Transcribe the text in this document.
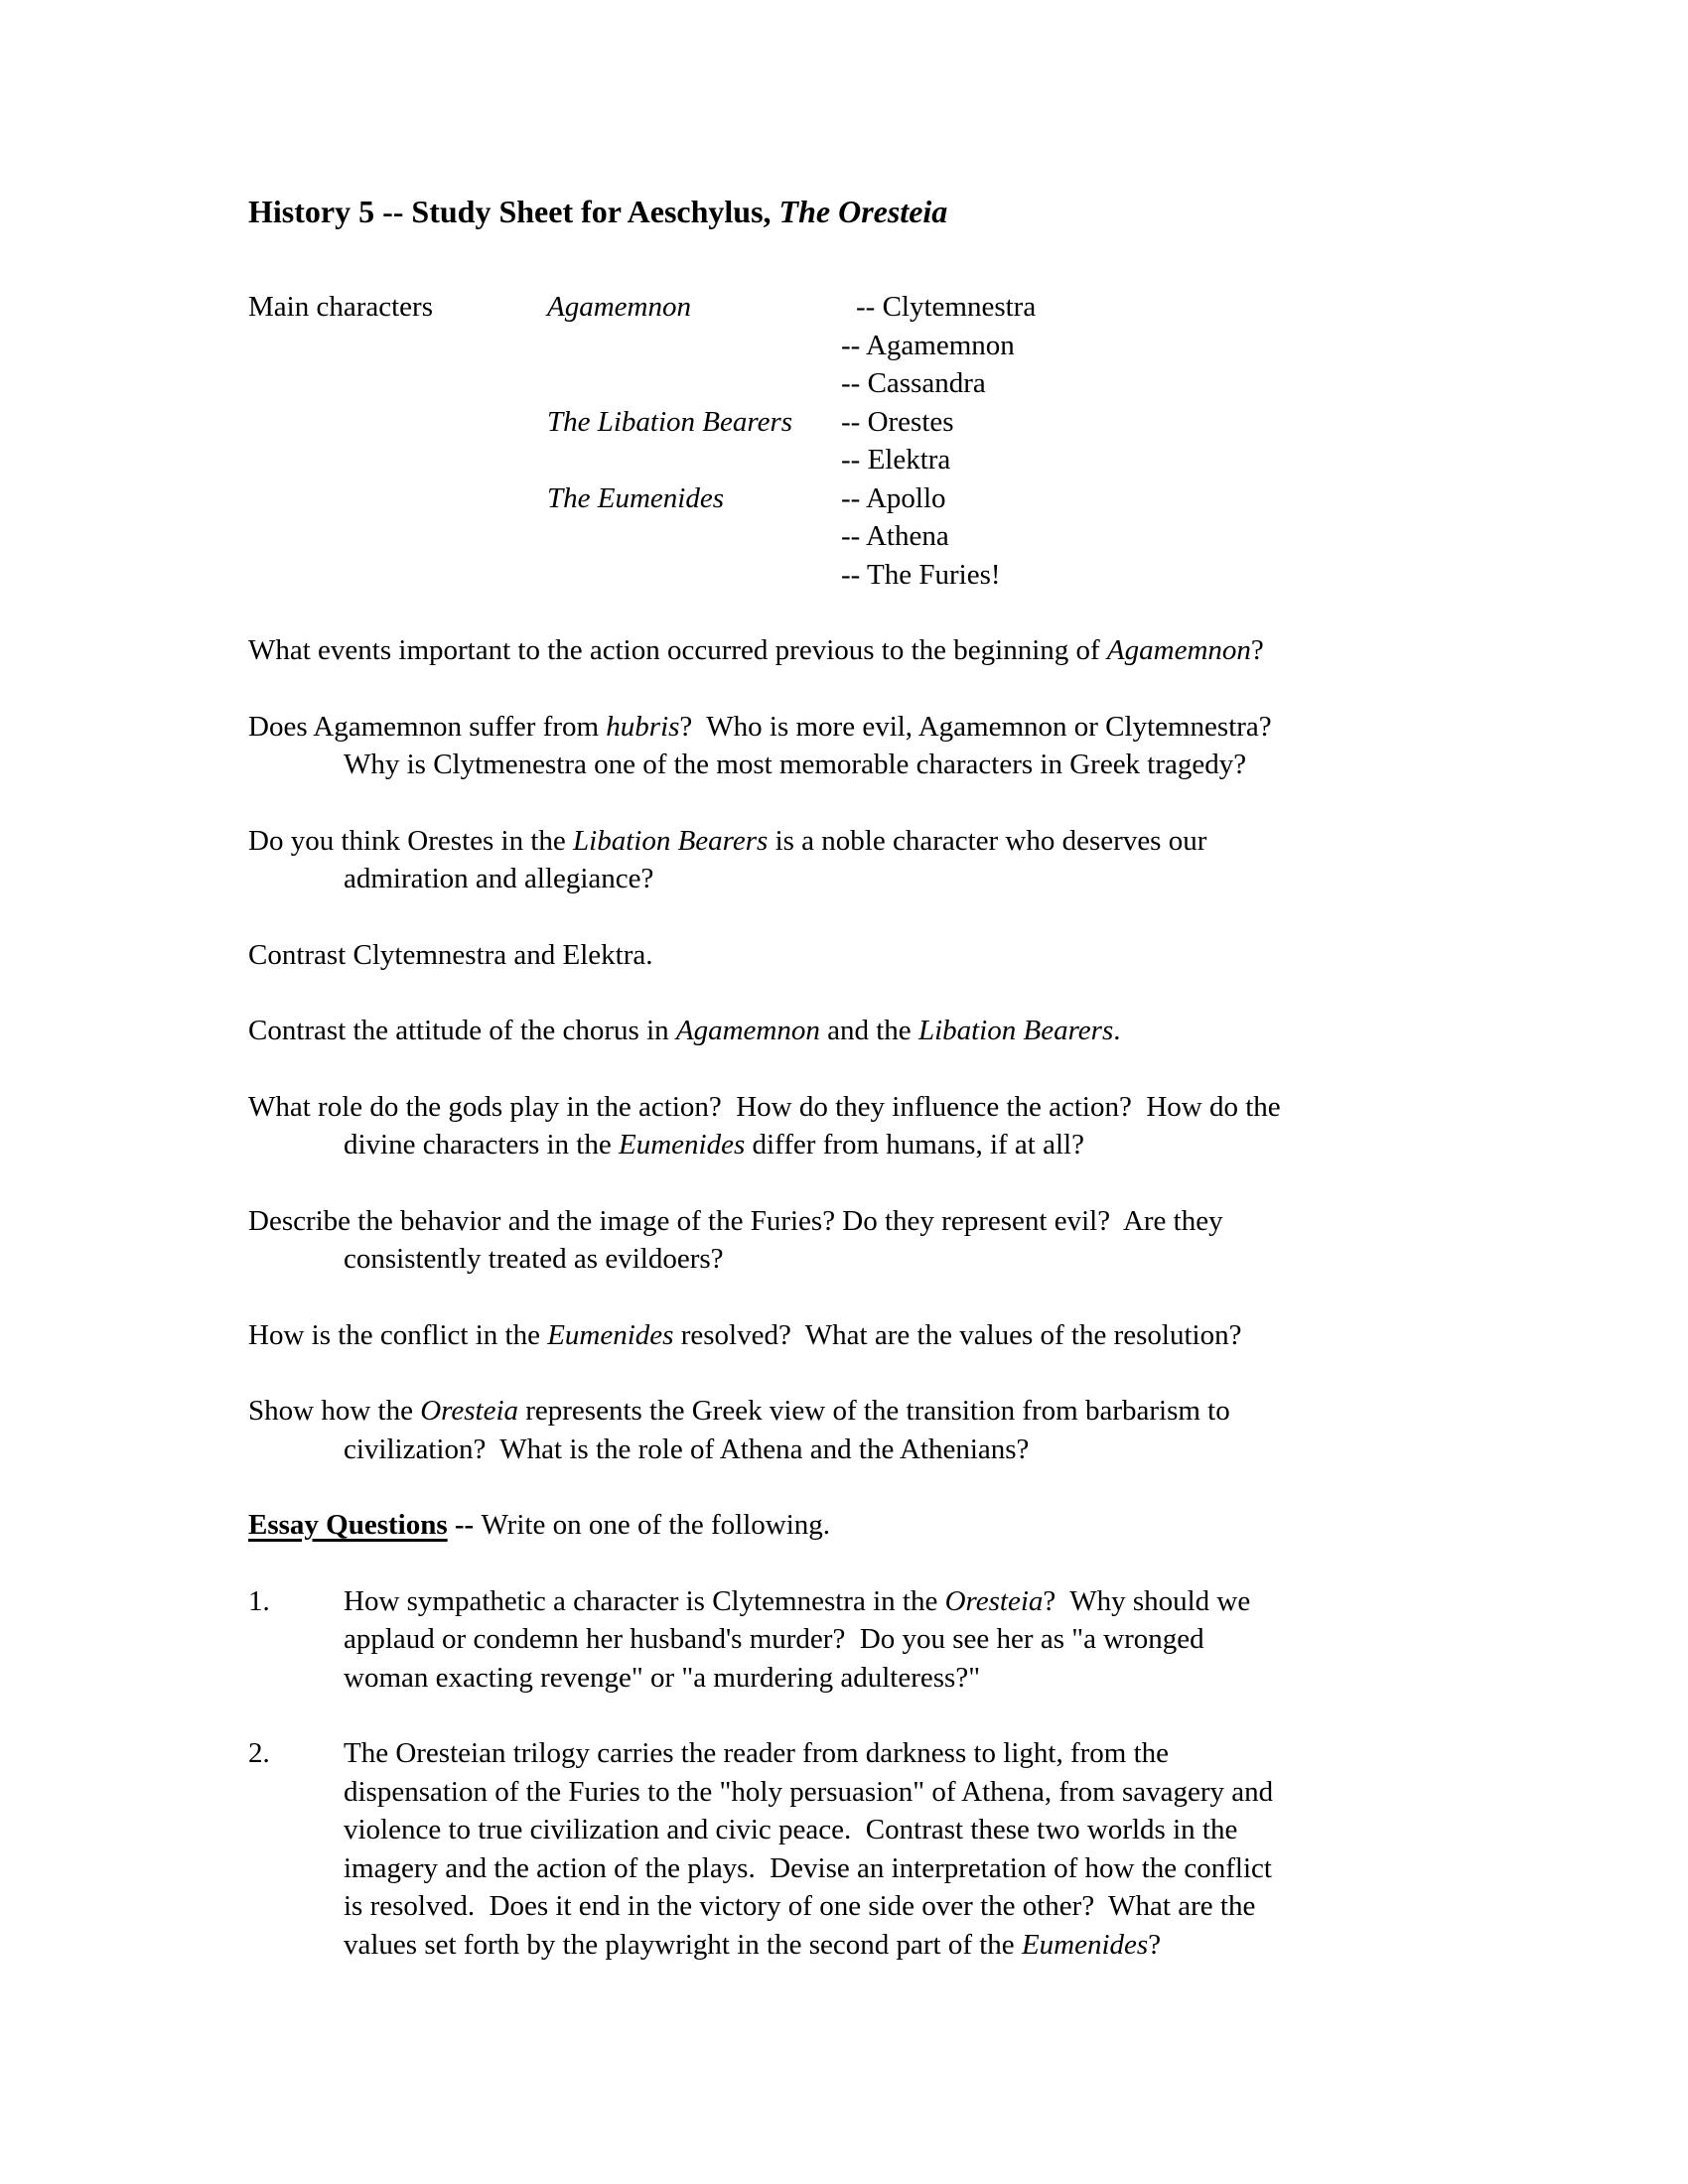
History 5 -- Study Sheet for Aeschylus, The Oresteia
Main characters	Agamemnon	-- Clytemnestra
-- Agamemnon
-- Cassandra
The Libation Bearers	-- Orestes
-- Elektra
The Eumenides	-- Apollo
-- Athena
-- The Furies!
What events important to the action occurred previous to the beginning of Agamemnon?
Does Agamemnon suffer from hubris?  Who is more evil, Agamemnon or Clytemnestra?
Why is Clytmenestra one of the most memorable characters in Greek tragedy?
Do you think Orestes in the Libation Bearers is a noble character who deserves our
admiration and allegiance?
Contrast Clytemnestra and Elektra.
Contrast the attitude of the chorus in Agamemnon and the Libation Bearers.
What role do the gods play in the action?  How do they influence the action?  How do the
divine characters in the Eumenides differ from humans, if at all?
Describe the behavior and the image of the Furies? Do they represent evil?  Are they
consistently treated as evildoers?
How is the conflict in the Eumenides resolved?  What are the values of the resolution?
Show how the Oresteia represents the Greek view of the transition from barbarism to
civilization?  What is the role of Athena and the Athenians?
Essay Questions -- Write on one of the following.
1.	How sympathetic a character is Clytemnestra in the Oresteia?  Why should we
applaud or condemn her husband's murder?  Do you see her as "a wronged
woman exacting revenge" or "a murdering adulteress?"
2.	The Oresteian trilogy carries the reader from darkness to light, from the
dispensation of the Furies to the "holy persuasion" of Athena, from savagery and
violence to true civilization and civic peace.  Contrast these two worlds in the
imagery and the action of the plays.  Devise an interpretation of how the conflict
is resolved.  Does it end in the victory of one side over the other?  What are the
values set forth by the playwright in the second part of the Eumenides?
